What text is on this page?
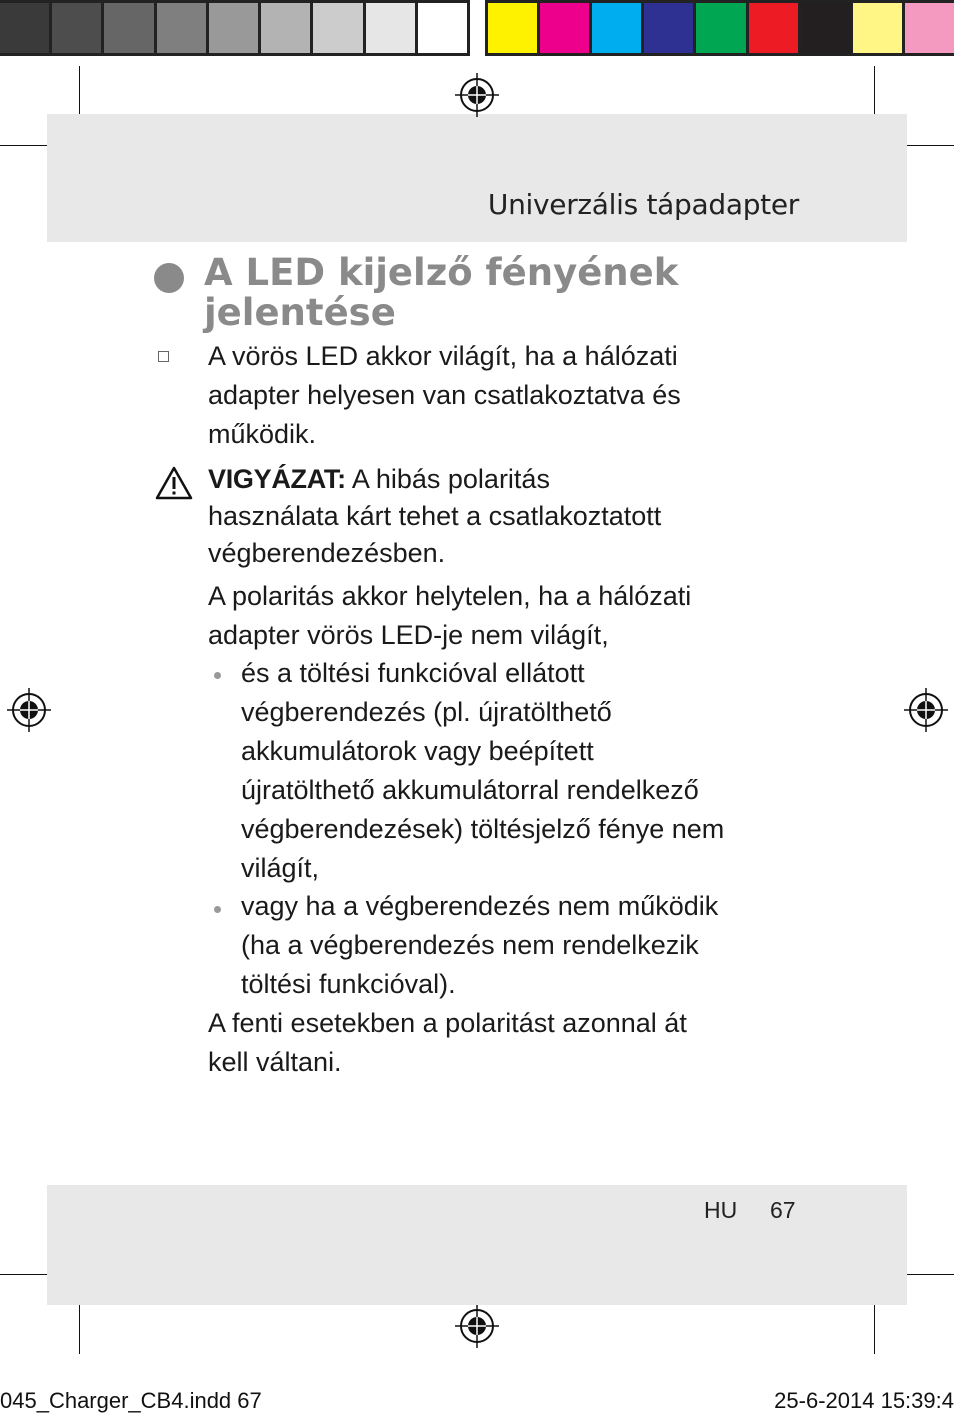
Univerzális tápadapter
A LED kijelző fényének
jelentése
A vörös LED akkor világít, ha a hálózati
adapter helyesen van csatlakoztatva és
működik.
VIGYÁZAT: A hibás polaritás
használata kárt tehet a csatlakoztatott
végberendezésben.
A polaritás akkor helytelen, ha a hálózati
adapter vörös LED-je nem világít,
és a töltési funkcióval ellátott
végberendezés (pl. újratölthető
akkumulátorok vagy beépített
újratölthető akkumulátorral rendelkező
végberendezések) töltésjelző fénye nem
világít,
vagy ha a végberendezés nem működik
(ha a végberendezés nem rendelkezik
töltési funkcióval).
A fenti esetekben a polaritást azonnal át
kell váltani.
HU 67
045_Charger_CB4.indd 67	25-6-2014 15:39:4
